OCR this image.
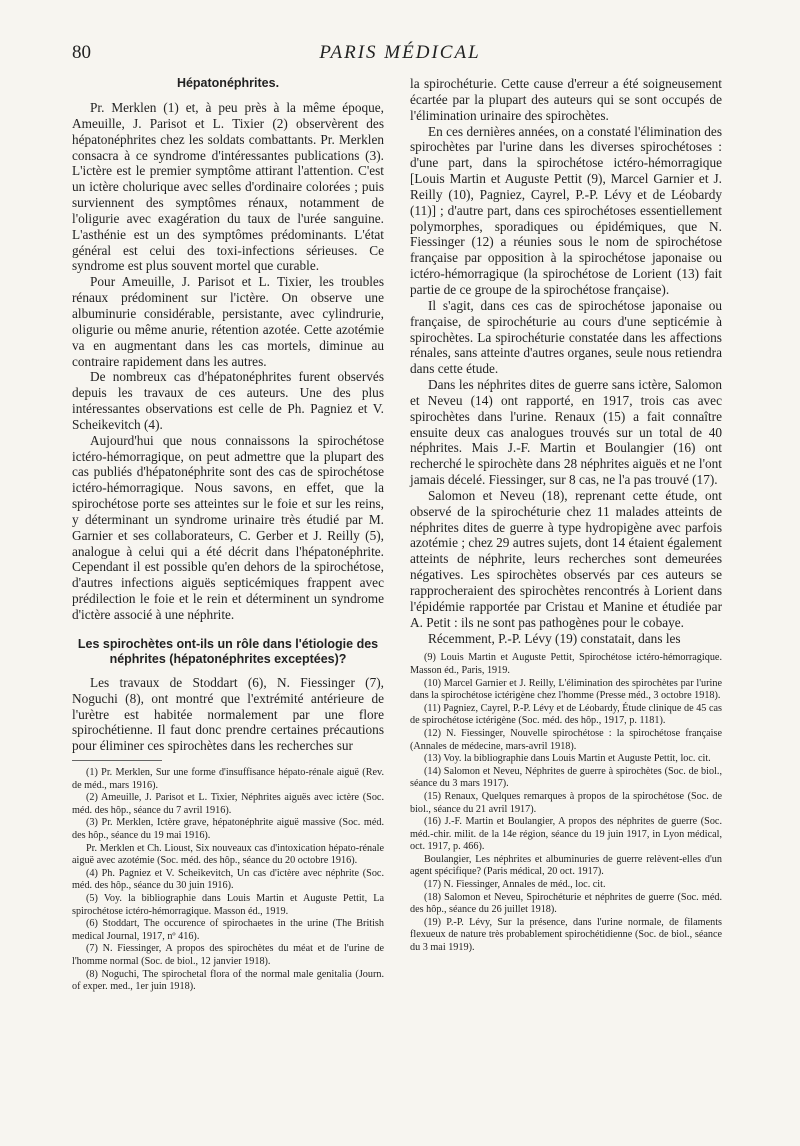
80	PARIS MÉDICAL
Hépatonéphrites.

Pr. Merklen (1) et, à peu près à la même époque, Ameuille, J. Parisot et L. Tixier (2) observèrent des hépatonéphrites chez les soldats combattants. Pr. Merklen consacra à ce syndrome d'intéressantes publications (3). L'ictère est le premier symptôme attirant l'attention. C'est un ictère cholurique avec selles d'ordinaire colorées ; puis surviennent des symptômes rénaux, notamment de l'oligurie avec exagération du taux de l'urée sanguine. L'asthénie est un des symptômes prédominants. L'état général est celui des toxi-infections sérieuses. Ce syndrome est plus souvent mortel que curable.

Pour Ameuille, J. Parisot et L. Tixier, les troubles rénaux prédominent sur l'ictère. On observe une albuminurie considérable, persistante, avec cylindrurie, oligurie ou même anurie, rétention azotée. Cette azotémie va en augmentant dans les cas mortels, diminue au contraire rapidement dans les autres.

De nombreux cas d'hépatonéphrites furent observés depuis les travaux de ces auteurs. Une des plus intéressantes observations est celle de Ph. Pagniez et V. Scheikevitch (4).

Aujourd'hui que nous connaissons la spirochétose ictéro-hémorragique, on peut admettre que la plupart des cas publiés d'hépatonéphrite sont des cas de spirochétose ictéro-hémorragique. Nous savons, en effet, que la spirochétose porte ses atteintes sur le foie et sur les reins, y déterminant un syndrome urinaire très étudié par M. Garnier et ses collaborateurs, C. Gerber et J. Reilly (5), analogue à celui qui a été décrit dans l'hépatonéphrite. Cependant il est possible qu'en dehors de la spirochétose, d'autres infections aiguës septicémiques frappent avec prédilection le foie et le rein et déterminent un syndrome d'ictère associé à une néphrite.

Les spirochètes ont-ils un rôle dans l'étiologie des néphrites (hépatonéphrites exceptées)?

Les travaux de Stoddart (6), N. Fiessinger (7), Noguchi (8), ont montré que l'extrémité antérieure de l'urètre est habitée normalement par une flore spirochétienne. Il faut donc prendre certaines précautions pour éliminer ces spirochètes dans les recherches sur

(1) Pr. Merklen, Sur une forme d'insuffisance hépato-rénale aiguë (Rev. de méd., mars 1916).

(2) Ameuille, J. Parisot et L. Tixier, Néphrites aiguës avec ictère (Soc. méd. des hôp., séance du 7 avril 1916).

(3) Pr. Merklen, Ictère grave, hépatonéphrite aiguë massive (Soc. méd. des hôp., séance du 19 mai 1916).

Pr. Merklen et Ch. Lioust, Six nouveaux cas d'intoxication hépato-rénale aiguë avec azotémie (Soc. méd. des hôp., séance du 20 octobre 1916).

(4) Ph. Pagniez et V. Scheikevitch, Un cas d'ictère avec néphrite (Soc. méd. des hôp., séance du 30 juin 1916).

(5) Voy. la bibliographie dans Louis Martin et Auguste Pettit, La spirochétose ictéro-hémorragique. Masson éd., 1919.

(6) Stoddart, The occurence of spirochaetes in the urine (The British medical Journal, 1917, nº 416).

(7) N. Fiessinger, A propos des spirochètes du méat et de l'urine de l'homme normal (Soc. de biol., 12 janvier 1918).

(8) Noguchi, The spirochetal flora of the normal male genitalia (Journ. of exper. med., 1er juin 1918).

la spirochéturie. Cette cause d'erreur a été soigneusement écartée par la plupart des auteurs qui se sont occupés de l'élimination urinaire des spirochètes.

En ces dernières années, on a constaté l'élimination des spirochètes par l'urine dans les diverses spirochétoses : d'une part, dans la spirochétose ictéro-hémorragique [Louis Martin et Auguste Pettit (9), Marcel Garnier et J. Reilly (10), Pagniez, Cayrel, P.-P. Lévy et de Léobardy (11)] ; d'autre part, dans ces spirochétoses essentiellement polymorphes, sporadiques ou épidémiques, que N. Fiessinger (12) a réunies sous le nom de spirochétose française par opposition à la spirochétose japonaise ou ictéro-hémorragique (la spirochétose de Lorient (13) fait partie de ce groupe de la spirochétose française).

Il s'agit, dans ces cas de spirochétose japonaise ou française, de spirochéturie au cours d'une septicémie à spirochètes. La spirochéturie constatée dans les affections rénales, sans atteinte d'autres organes, seule nous retiendra dans cette étude.

Dans les néphrites dites de guerre sans ictère, Salomon et Neveu (14) ont rapporté, en 1917, trois cas avec spirochètes dans l'urine. Renaux (15) a fait connaître ensuite deux cas analogues trouvés sur un total de 40 néphrites. Mais J.-F. Martin et Boulangier (16) ont recherché le spirochète dans 28 néphrites aiguës et ne l'ont jamais décelé. Fiessinger, sur 8 cas, ne l'a pas trouvé (17).

Salomon et Neveu (18), reprenant cette étude, ont observé de la spirochéturie chez 11 malades atteints de néphrites dites de guerre à type hydropigène avec parfois azotémie ; chez 29 autres sujets, dont 14 étaient également atteints de néphrite, leurs recherches sont demeurées négatives. Les spirochètes observés par ces auteurs se rapprocheraient des spirochètes rencontrés à Lorient dans l'épidémie rapportée par Cristau et Manine et étudiée par A. Petit : ils ne sont pas pathogènes pour le cobaye.

Récemment, P.-P. Lévy (19) constatait, dans les

(9) Louis Martin et Auguste Pettit, Spirochétose ictéro-hémorragique. Masson éd., Paris, 1919.

(10) Marcel Garnier et J. Reilly, L'élimination des spirochètes par l'urine dans la spirochétose ictérigène chez l'homme (Presse méd., 3 octobre 1918).

(11) Pagniez, Cayrel, P.-P. Lévy et de Léobardy, Étude clinique de 45 cas de spirochétose ictérigène (Soc. méd. des hôp., 1917, p. 1181).

(12) N. Fiessinger, Nouvelle spirochétose : la spirochétose française (Annales de médecine, mars-avril 1918).

(13) Voy. la bibliographie dans Louis Martin et Auguste Pettit, loc. cit.

(14) Salomon et Neveu, Néphrites de guerre à spirochètes (Soc. de biol., séance du 3 mars 1917).

(15) Renaux, Quelques remarques à propos de la spirochétose (Soc. de biol., séance du 21 avril 1917).

(16) J.-F. Martin et Boulangier, A propos des néphrites de guerre (Soc. méd.-chir. milit. de la 14e région, séance du 19 juin 1917, in Lyon médical, oct. 1917, p. 466).

Boulangier, Les néphrites et albuminuries de guerre relèvent-elles d'un agent spécifique? (Paris médical, 20 oct. 1917).

(17) N. Fiessinger, Annales de méd., loc. cit.

(18) Salomon et Neveu, Spirochéturie et néphrites de guerre (Soc. méd. des hôp., séance du 26 juillet 1918).

(19) P.-P. Lévy, Sur la présence, dans l'urine normale, de filaments flexueux de nature très probablement spirochétidienne (Soc. de biol., séance du 3 mai 1919).
